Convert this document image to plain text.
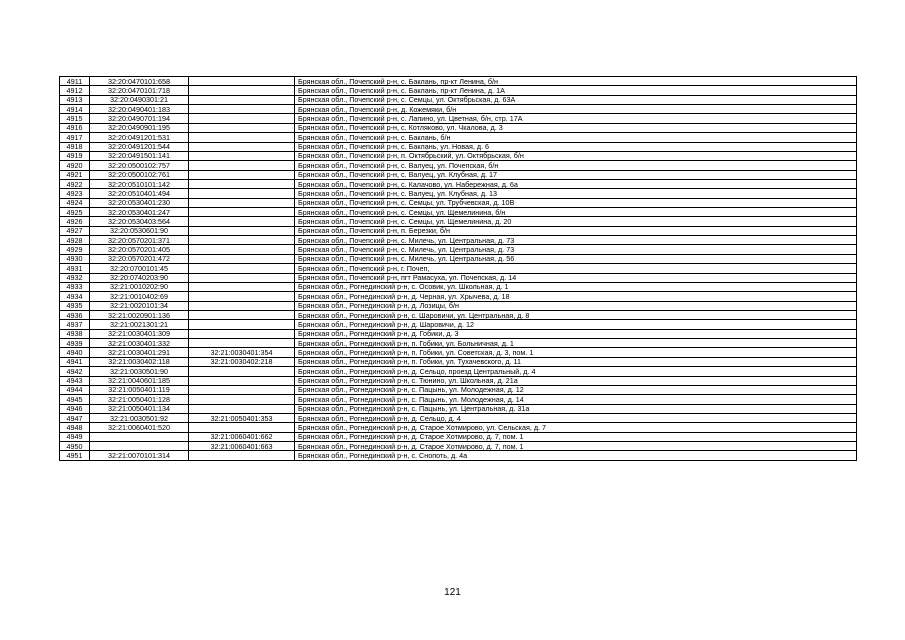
4911	32:20:0470101:658		Брянская обл., Почепский р-н, с. Баклань, пр-кт Ленина, б/н
4912	32:20:0470101:718		Брянская обл., Почепский р-н, с. Баклань, пр-кт Ленина, д. 1А
4913	32:20:0490301:21		Брянская обл., Почепский р-н, с. Семцы, ул. Октябрьская, д. 63А
4914	32:20:0490401:183		Брянская обл., Почепский р-н, д. Кожемяки, б/н
4915	32:20:0490701:194		Брянская обл., Почепский р-н, с. Лапино, ул. Цветная, б/н, стр. 17А
4916	32:20:0490901:195		Брянская обл., Почепский р-н, с. Котляково, ул. Чкалова, д. 3
4917	32:20:0491201:531		Брянская обл., Почепский р-н, с. Баклань, б/н
4918	32:20:0491201:544		Брянская обл., Почепский р-н, с. Баклань, ул. Новая, д. 6
4919	32:20:0491501:141		Брянская обл., Почепский р-н, п. Октябрьский, ул. Октябрьская, б/н
4920	32:20:0500102:757		Брянская обл., Почепский р-н, с. Валуец, ул. Почепская, б/н
4921	32:20:0500102:761		Брянская обл., Почепский р-н, с. Валуец, ул. Клубная, д. 17
4922	32:20:0510101:142		Брянская обл., Почепский р-н, с. Калачово, ул. Набережная, д. 6а
4923	32:20:0510401:494		Брянская обл., Почепский р-н, с. Валуец, ул. Клубная, д. 13
4924	32:20:0530401:230		Брянская обл., Почепский р-н, с. Семцы, ул. Трубчевская, д. 10В
4925	32:20:0530401:247		Брянская обл., Почепский р-н, с. Семцы, ул. Щемелинина, б/н
4926	32:20:0530403:564		Брянская обл., Почепский р-н, с. Семцы, ул. Щемелинина, д. 20
4927	32:20:0530601:90		Брянская обл., Почепский р-н, п. Березки, б/н
4928	32:20:0570201:371		Брянская обл., Почепский р-н, с. Милечь, ул. Центральная, д. 73
4929	32:20:0570201:405		Брянская обл., Почепский р-н, с. Милечь, ул. Центральная, д. 73
4930	32:20:0570201:472		Брянская обл., Почепский р-н, с. Милечь, ул. Центральная, д. 56
4931	32:20:0700101:45		Брянская обл., Почепский р-н, г. Почеп,
4932	32:20:0740203:90		Брянская обл., Почепский р-н, пгт Рамасуха, ул. Почепская, д. 14
4933	32:21:0010202:90		Брянская обл., Рогнединский р-н, с. Осовик, ул. Школьная, д. 1
4934	32:21:0010402:69		Брянская обл., Рогнединский р-н, д. Черная, ул. Хрычева, д. 18
4935	32:21:0020101:34		Брянская обл., Рогнединский р-н, д. Лозицы, б/н
4936	32:21:0020901:136		Брянская обл., Рогнединский р-н, с. Шаровичи, ул. Центральная, д. 8
4937	32:21:0021301:21		Брянская обл., Рогнединский р-н, д. Шаровичи, д. 12
4938	32:21:0030401:309		Брянская обл., Рогнединский р-н, д. Гобики, д. 3
4939	32:21:0030401:332		Брянская обл., Рогнединский р-н, п. Гобики, ул. Больничная, д. 1
4940	32:21:0030401:291	32:21:0030401:354	Брянская обл., Рогнединский р-н, п. Гобики, ул. Советская, д. 3, пом. 1
4941	32:21:0030402:118	32:21:0030402:218	Брянская обл., Рогнединский р-н, п. Гобики, ул. Тухачевского, д. 11
4942	32:21:0030501:90		Брянская обл., Рогнединский р-н, д. Сельцо, проезд Центральный, д. 4
4943	32:21:0040601:185		Брянская обл., Рогнединский р-н, с. Тюнино, ул. Школьная, д. 21а
4944	32:21:0050401:119		Брянская обл., Рогнединский р-н, с. Пацынь, ул. Молодежная, д. 12
4945	32:21:0050401:128		Брянская обл., Рогнединский р-н, с. Пацынь, ул. Молодежная, д. 14
4946	32:21:0050401:134		Брянская обл., Рогнединский р-н, с. Пацынь, ул. Центральная, д. 31а
4947	32:21:0030501:92	32:21:0050401:353	Брянская обл., Рогнединский р-н, д. Сельцо, д. 4
4948	32:21:0060401:520		Брянская обл., Рогнединский р-н, д. Старое Хотмирово, ул. Сельская, д. 7
4949		32:21:0060401:662	Брянская обл., Рогнединский р-н, д. Старое Хотмирово, д. 7, пом. 1
4950		32:21:0060401:663	Брянская обл., Рогнединский р-н, д. Старое Хотмирово, д. 7, пом. 1
4951	32:21:0070101:314		Брянская обл., Рогнединский р-н, с. Снопоть, д. 4а
121
